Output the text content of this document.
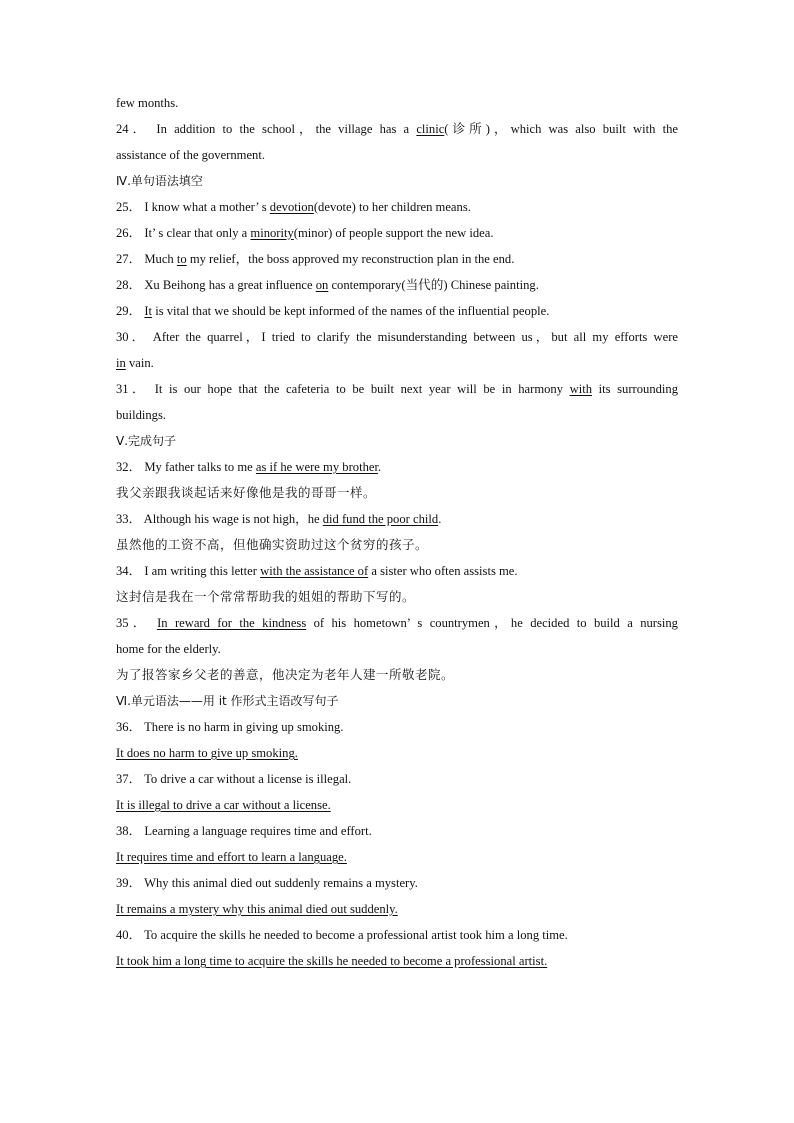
few months.
24． In addition to the school，the village has a clinic(诊所)，which was also built with the
assistance of the government.
Ⅳ.单句语法填空
25． I know what a mother’ s devotion(devote) to her children means.
26． It’ s clear that only a minority(minor) of people support the new idea.
27． Much to my relief，the boss approved my reconstruction plan in the end.
28． Xu Beihong has a great influence on contemporary(当代的) Chinese painting.
29． It is vital that we should be kept informed of the names of the influential people.
30． After the quarrel，I tried to clarify the misunderstanding between us，but all my efforts were
in vain.
31． It is our hope that the cafeteria to be built next year will be in harmony with its surrounding
buildings.
Ⅴ.完成句子
32． My father talks to me as if he were my brother.
我父亲跟我谈起话来好像他是我的哥哥一样。
33． Although his wage is not high，he did fund the poor child.
虽然他的工资不高，但他确实资助过这个贫穷的孩子。
34． I am writing this letter with the assistance of a sister who often assists me.
这封信是我在一个常常帮助我的姐姐的帮助下写的。
35． In reward for the kindness of his hometown’ s countrymen，he decided to build a nursing
home for the elderly.
为了报答家乡父老的善意，他决定为老年人建一所敬老院。
Ⅵ.单元语法——用 it 作形式主语改写句子
36． There is no harm in giving up smoking.
It does no harm to give up smoking.
37． To drive a car without a license is illegal.
It is illegal to drive a car without a license.
38． Learning a language requires time and effort.
It requires time and effort to learn a language.
39． Why this animal died out suddenly remains a mystery.
It remains a mystery why this animal died out suddenly.
40． To acquire the skills he needed to become a professional artist took him a long time.
It took him a long time to acquire the skills he needed to become a professional artist.
